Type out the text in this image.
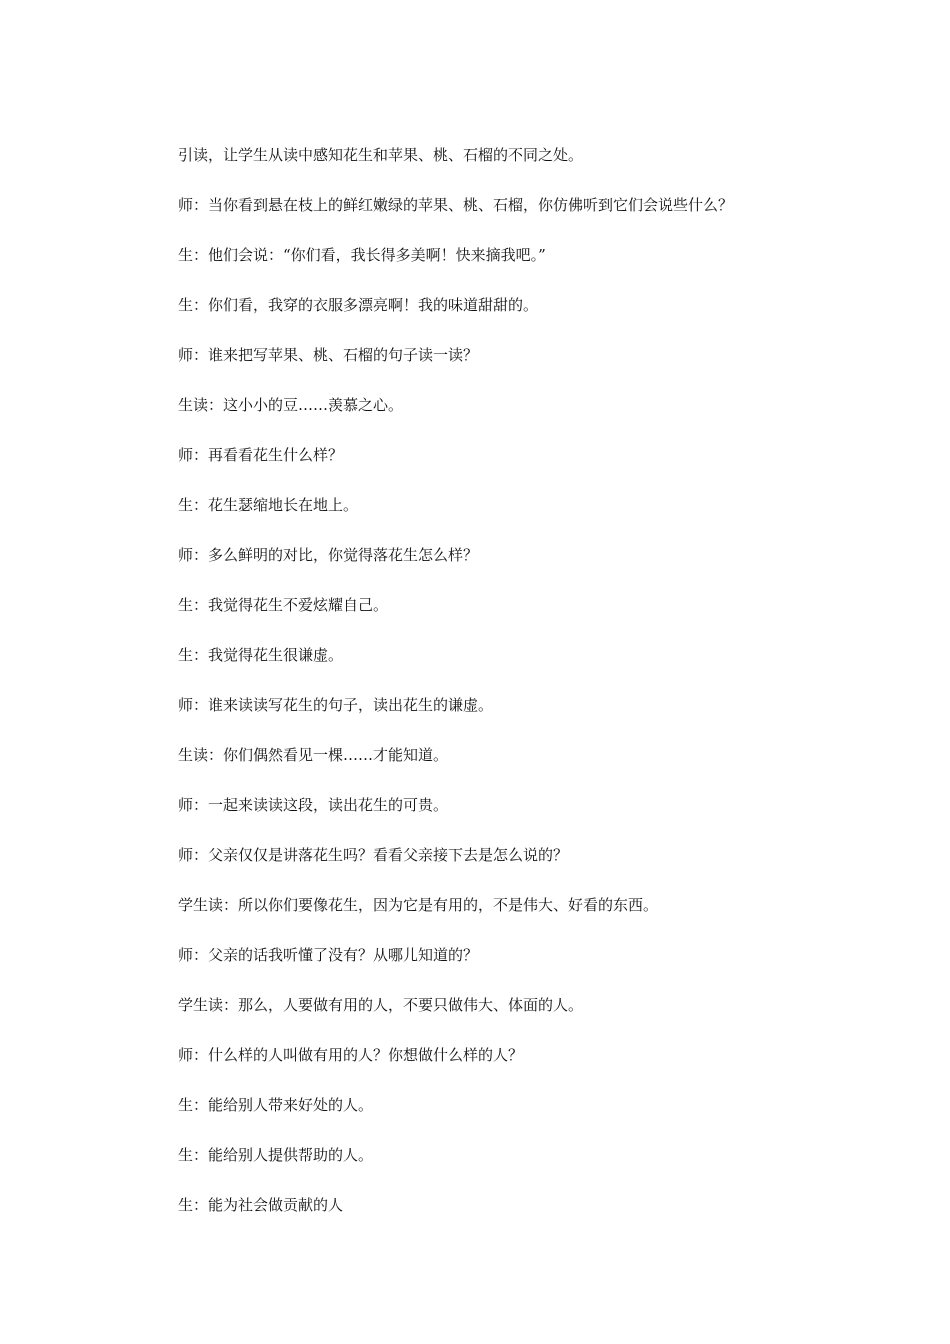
引读，让学生从读中感知花生和苹果、桃、石榴的不同之处。

师：当你看到悬在枝上的鲜红嫩绿的苹果、桃、石榴，你仿佛听到它们会说些什么？

生：他们会说：“你们看，我长得多美啊！快来摘我吧。”

生：你们看，我穿的衣服多漂亮啊！我的味道甜甜的。

师：谁来把写苹果、桃、石榴的句子读一读？

生读：这小小的豆……羡慕之心。

师：再看看花生什么样？

生：花生瑟缩地长在地上。

师：多么鲜明的对比，你觉得落花生怎么样？

生：我觉得花生不爱炫耀自己。

生：我觉得花生很谦虚。

师：谁来读读写花生的句子，读出花生的谦虚。

生读：你们偶然看见一棵……才能知道。

师：一起来读读这段，读出花生的可贵。

师：父亲仅仅是讲落花生吗？看看父亲接下去是怎么说的？

学生读：所以你们要像花生，因为它是有用的，不是伟大、好看的东西。

师：父亲的话我听懂了没有？从哪儿知道的？

学生读：那么，人要做有用的人，不要只做伟大、体面的人。

师：什么样的人叫做有用的人？你想做什么样的人？

生：能给别人带来好处的人。

生：能给别人提供帮助的人。

生：能为社会做贡献的人
